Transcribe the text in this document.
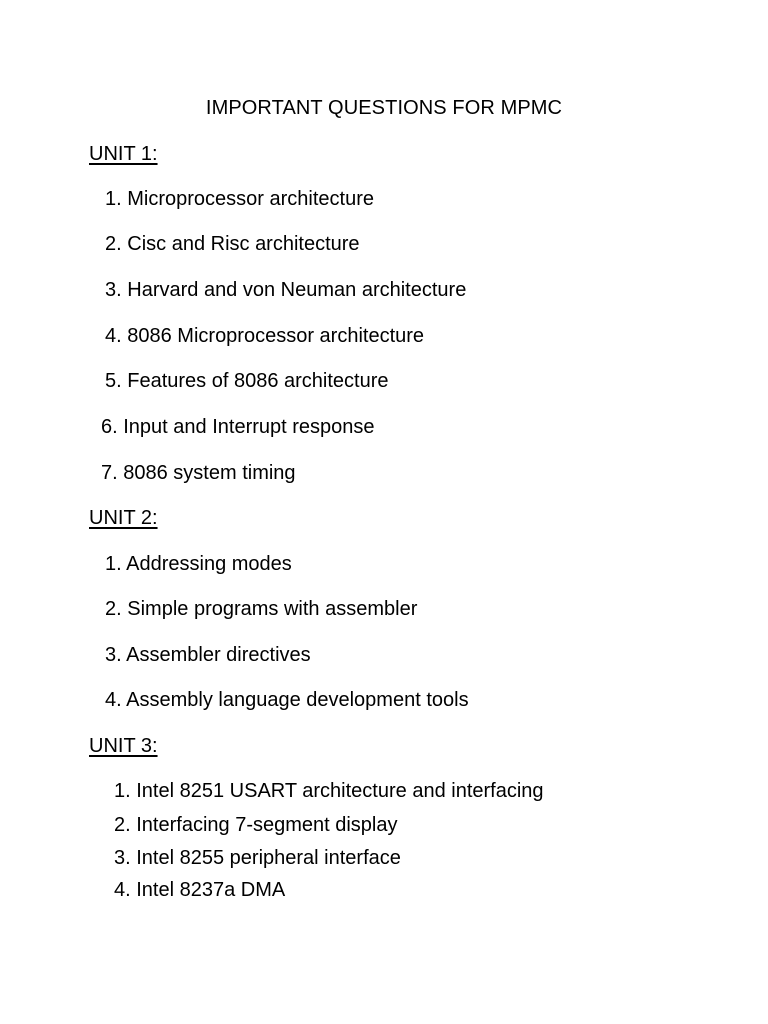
IMPORTANT QUESTIONS FOR MPMC
UNIT 1:
1. Microprocessor architecture
2. Cisc and Risc architecture
3. Harvard and von Neuman architecture
4. 8086 Microprocessor architecture
5. Features of 8086 architecture
6. Input and Interrupt response
7. 8086 system timing
UNIT 2:
1. Addressing modes
2. Simple programs with assembler
3. Assembler directives
4. Assembly language development tools
UNIT 3:
1. Intel 8251 USART architecture and interfacing
2. Interfacing 7-segment display
3. Intel 8255 peripheral interface
4. Intel 8237a DMA
